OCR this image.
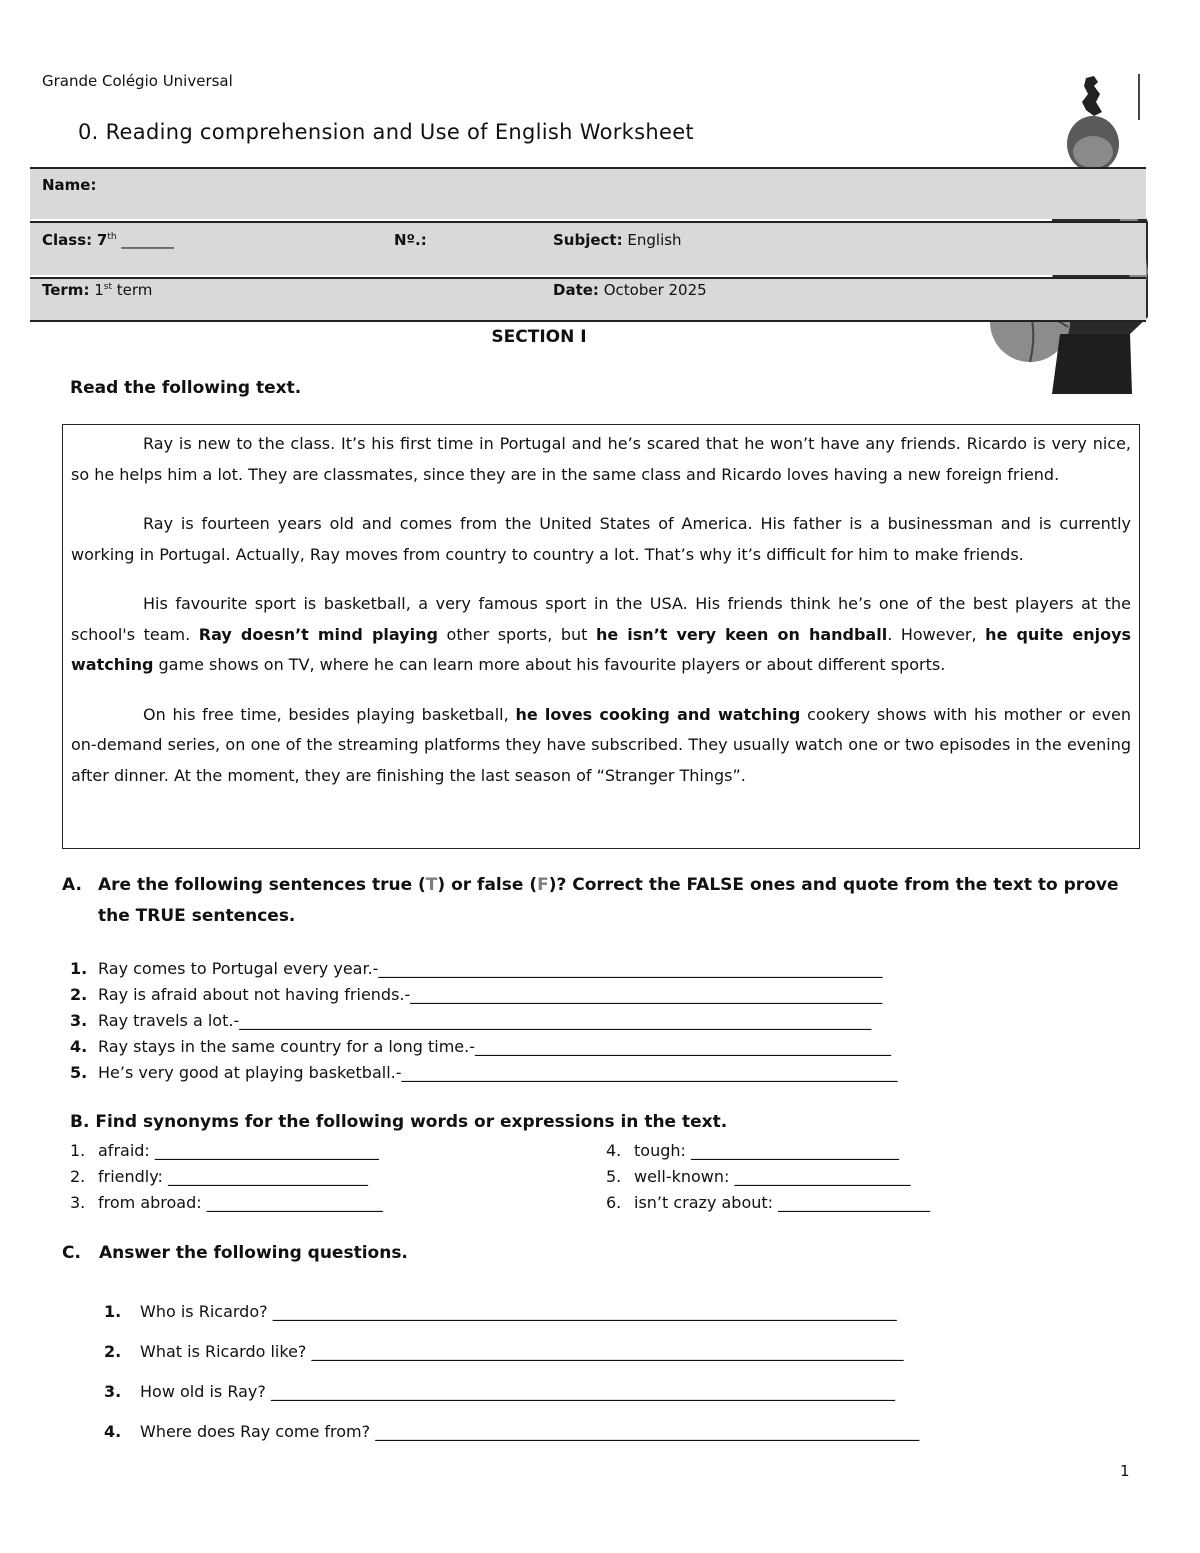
Grande Colégio Universal
0. Reading comprehension and Use of English Worksheet
Name:
Class: 7th _______	Nº.:	Subject: English
Term: 1st term	Date: October 2025
SECTION I
Read the following text.

Ray is new to the class. It’s his first time in Portugal and he’s scared that he won’t have any friends. Ricardo is very nice, so he helps him a lot. They are classmates, since they are in the same class and Ricardo loves having a new foreign friend.

Ray is fourteen years old and comes from the United States of America. His father is a businessman and is currently working in Portugal. Actually, Ray moves from country to country a lot. That’s why it’s difficult for him to make friends.

His favourite sport is basketball, a very famous sport in the USA. His friends think he’s one of the best players at the school's team. Ray doesn’t mind playing other sports, but he isn’t very keen on handball. However, he quite enjoys watching game shows on TV, where he can learn more about his favourite players or about different sports.

On his free time, besides playing basketball, he loves cooking and watching cookery shows with his mother or even on-demand series, on one of the streaming platforms they have subscribed. They usually watch one or two episodes in the evening after dinner. At the moment, they are finishing the last season of “Stranger Things”.

A. Are the following sentences true (T) or false (F)? Correct the FALSE ones and quote from the text to prove the TRUE sentences.
1. Ray comes to Portugal every year.-_______________________________________________________________
2. Ray is afraid about not having friends.-___________________________________________________________
3. Ray travels a lot.-_______________________________________________________________________________
4. Ray stays in the same country for a long time.-____________________________________________________
5. He’s very good at playing basketball.-______________________________________________________________
B. Find synonyms for the following words or expressions in the text.
1. afraid: ____________________________
2. friendly: _________________________
3. from abroad: ______________________
4. tough: __________________________
5. well-known: ______________________
6. isn’t crazy about: ___________________
C. Answer the following questions.
1. Who is Ricardo? ______________________________________________________________________________
2. What is Ricardo like? __________________________________________________________________________
3. How old is Ray? ______________________________________________________________________________
4. Where does Ray come from? ____________________________________________________________________
1
